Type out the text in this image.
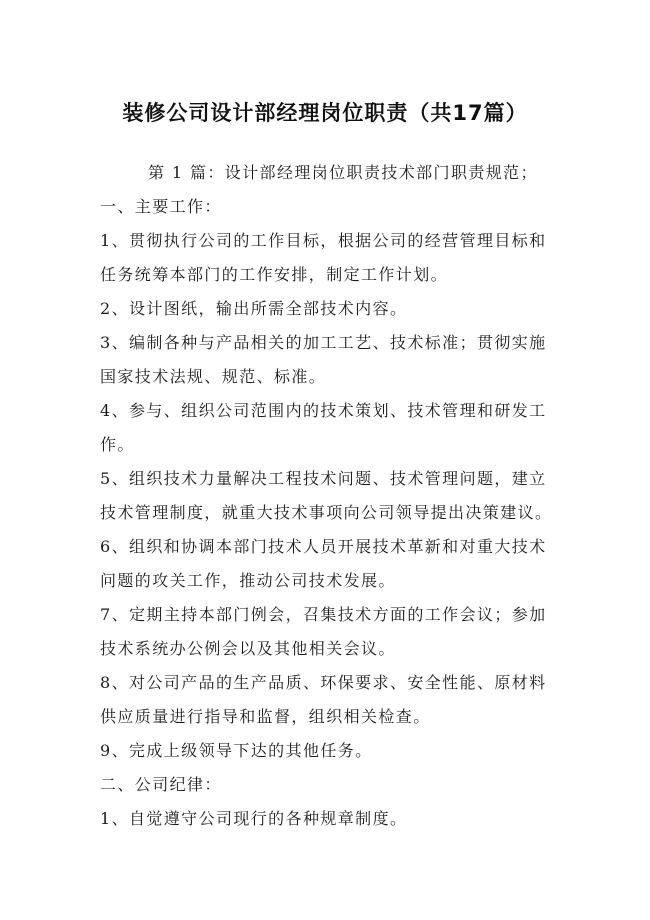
装修公司设计部经理岗位职责（共17篇）
第 1 篇：设计部经理岗位职责技术部门职责规范；
一、主要工作：
1、贯彻执行公司的工作目标，根据公司的经营管理目标和
任务统筹本部门的工作安排，制定工作计划。
2、设计图纸，输出所需全部技术内容。
3、编制各种与产品相关的加工工艺、技术标准；贯彻实施
国家技术法规、规范、标准。
4、参与、组织公司范围内的技术策划、技术管理和研发工
作。
5、组织技术力量解决工程技术问题、技术管理问题，建立
技术管理制度，就重大技术事项向公司领导提出决策建议。
6、组织和协调本部门技术人员开展技术革新和对重大技术
问题的攻关工作，推动公司技术发展。
7、定期主持本部门例会，召集技术方面的工作会议；参加
技术系统办公例会以及其他相关会议。
8、对公司产品的生产品质、环保要求、安全性能、原材料
供应质量进行指导和监督，组织相关检查。
9、完成上级领导下达的其他任务。
二、公司纪律：
1、自觉遵守公司现行的各种规章制度。
